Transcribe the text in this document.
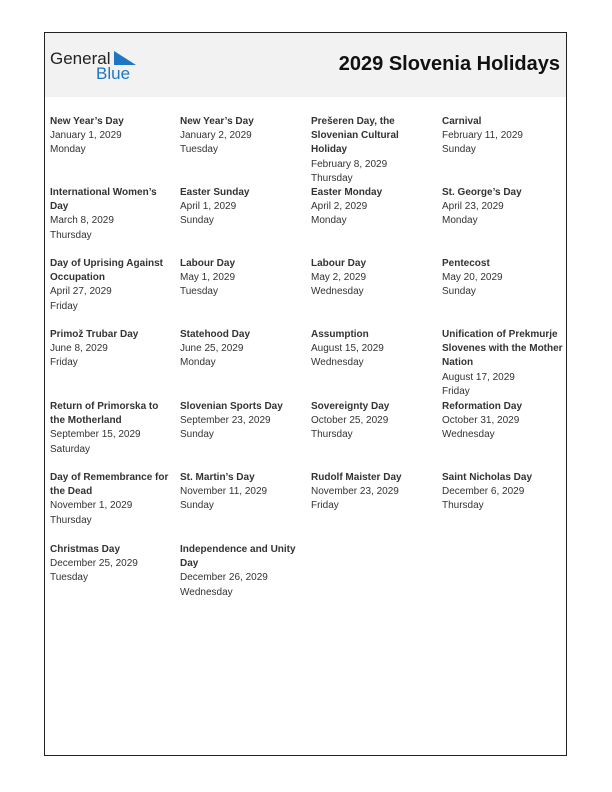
General
Blue	2029 Slovenia Holidays
New Year’s Day
January 1, 2029
Monday
New Year’s Day
January 2, 2029
Tuesday
Prešeren Day, the Slovenian Cultural Holiday
February 8, 2029
Thursday
Carnival
February 11, 2029
Sunday
International Women’s Day
March 8, 2029
Thursday
Easter Sunday
April 1, 2029
Sunday
Easter Monday
April 2, 2029
Monday
St. George’s Day
April 23, 2029
Monday
Day of Uprising Against Occupation
April 27, 2029
Friday
Labour Day
May 1, 2029
Tuesday
Labour Day
May 2, 2029
Wednesday
Pentecost
May 20, 2029
Sunday
Primož Trubar Day
June 8, 2029
Friday
Statehood Day
June 25, 2029
Monday
Assumption
August 15, 2029
Wednesday
Unification of Prekmurje Slovenes with the Mother Nation
August 17, 2029
Friday
Return of Primorska to the Motherland
September 15, 2029
Saturday
Slovenian Sports Day
September 23, 2029
Sunday
Sovereignty Day
October 25, 2029
Thursday
Reformation Day
October 31, 2029
Wednesday
Day of Remembrance for the Dead
November 1, 2029
Thursday
St. Martin’s Day
November 11, 2029
Sunday
Rudolf Maister Day
November 23, 2029
Friday
Saint Nicholas Day
December 6, 2029
Thursday
Christmas Day
December 25, 2029
Tuesday
Independence and Unity Day
December 26, 2029
Wednesday
